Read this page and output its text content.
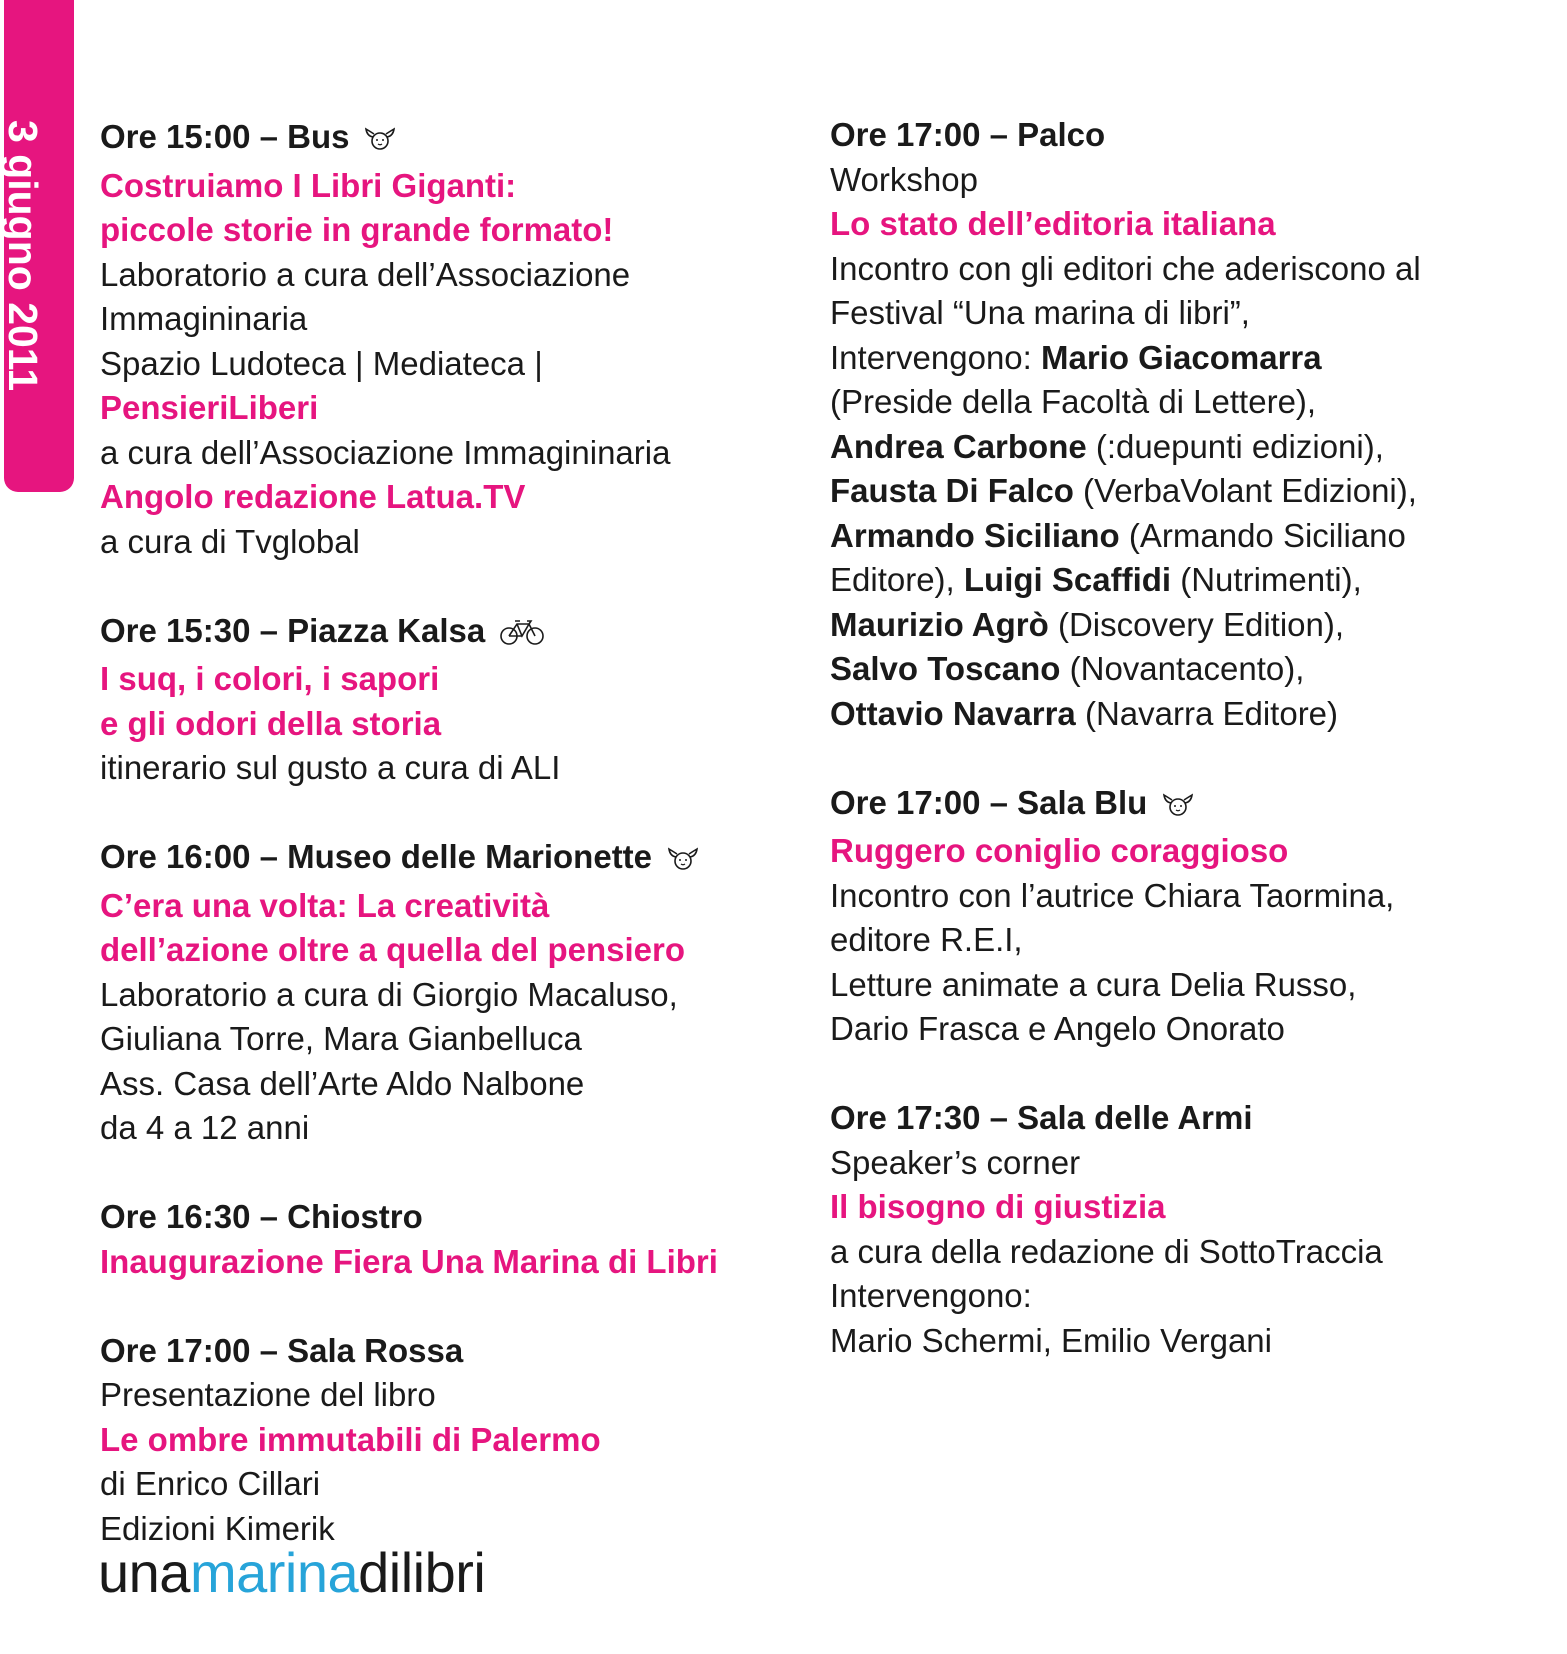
3 giugno 2011 Ore 15:00 – Bus
Costruiamo I Libri Giganti:
piccole storie in grande formato!
Laboratorio a cura dell’Associazione
Immagininaria
Spazio Ludoteca | Mediateca |
PensieriLiberi
a cura dell’Associazione Immagininaria
Angolo redazione Latua.TV
a cura di Tvglobal
Ore 15:30 – Piazza Kalsa
I suq, i colori, i sapori
e gli odori della storia
itinerario sul gusto a cura di ALI
Ore 16:00 – Museo delle Marionette
C’era una volta: La creatività
dell’azione oltre a quella del pensiero
Laboratorio a cura di Giorgio Macaluso,
Giuliana Torre, Mara Gianbelluca
Ass. Casa dell’Arte Aldo Nalbone
da 4 a 12 anni
Ore 16:30 – Chiostro
Inaugurazione Fiera Una Marina di Libri
Ore 17:00 – Sala Rossa
Presentazione del libro
Le ombre immutabili di Palermo
di Enrico Cillari
Edizioni Kimerik
Ore 17:00 – Palco
Workshop
Lo stato dell’editoria italiana
Incontro con gli editori che aderiscono al
Festival “Una marina di libri”,
Intervengono: Mario Giacomarra
(Preside della Facoltà di Lettere),
Andrea Carbone (:duepunti edizioni),
Fausta Di Falco (VerbaVolant Edizioni),
Armando Siciliano (Armando Siciliano
Editore), Luigi Scaffidi (Nutrimenti),
Maurizio Agrò (Discovery Edition),
Salvo Toscano (Novantacento),
Ottavio Navarra (Navarra Editore)
Ore 17:00 – Sala Blu
Ruggero coniglio coraggioso
Incontro con l’autrice Chiara Taormina,
editore R.E.I,
Letture animate a cura Delia Russo,
Dario Frasca e Angelo Onorato
Ore 17:30 – Sala delle Armi
Speaker’s corner
Il bisogno di giustizia
a cura della redazione di SottoTraccia
Intervengono:
Mario Schermi, Emilio Vergani
unamarinadilibri
